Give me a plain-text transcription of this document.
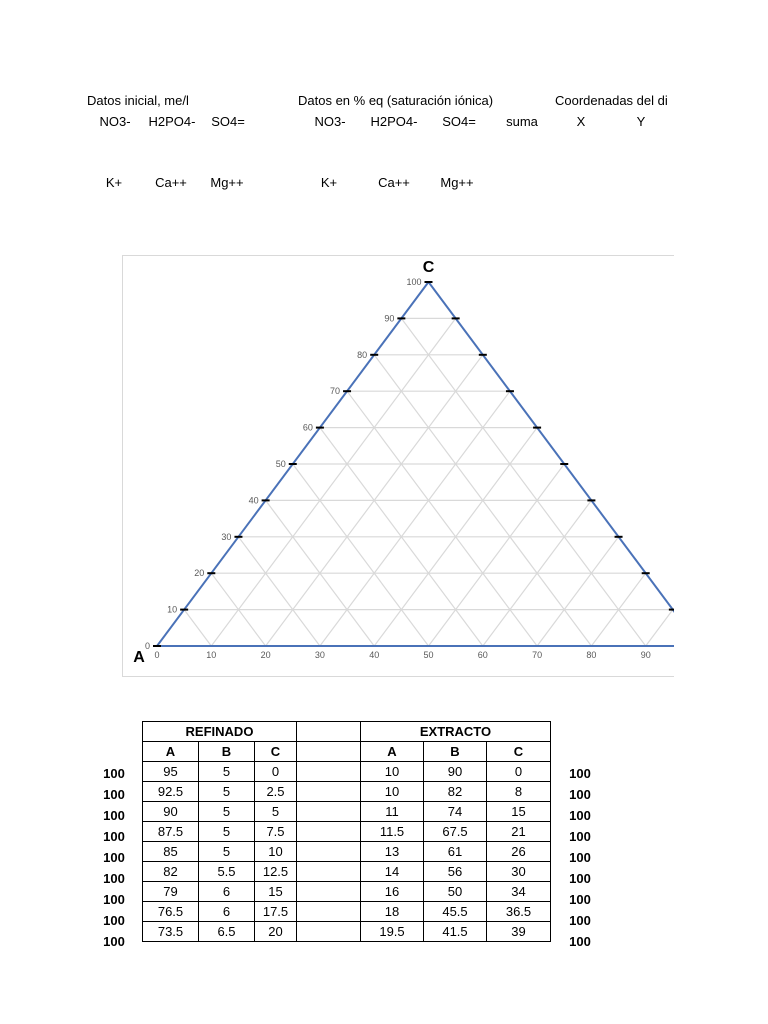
Datos inicial, me/l	Datos en % eq (saturación iónica)	Coordenadas del di
NO3- H2PO4- SO4=	NO3- H2PO4- SO4= suma	X	Y
K+	Ca++ Mg++	K+	Ca++ Mg++
0
10
20
30
40
50
60
70
80
90
100
0	10	20	30	40	50	60	70	80	90
C
A
REFINADO				EXTRACTO		
A	B	C		A	B	C
95	5	0		10	90	0
92.5	5	2.5		10	82	8
90	5	5		11	74	15
87.5	5	7.5		11.5	67.5	21
85	5	10		13	61	26
82	5.5	12.5		14	56	30
79	6	15		16	50	34
76.5	6	17.5		18	45.5	36.5
73.5	6.5	20		19.5	41.5	39
100	100
100	100
100	100
100	100
100	100
100	100
100	100
100	100
100	100
